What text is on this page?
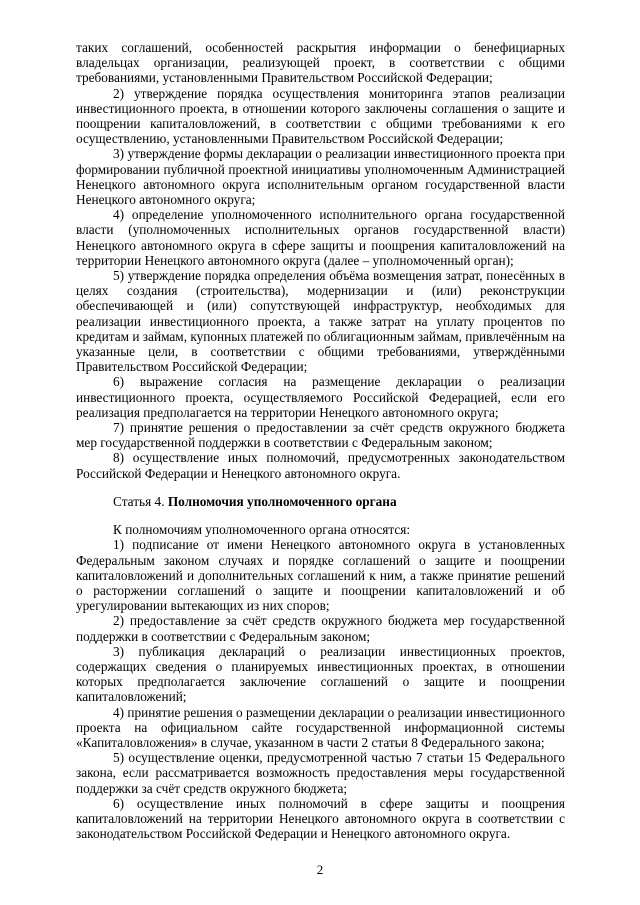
таких соглашений, особенностей раскрытия информации о бенефициарных владельцах организации, реализующей проект, в соответствии с общими требованиями, установленными Правительством Российской Федерации;

2) утверждение порядка осуществления мониторинга этапов реализации инвестиционного проекта, в отношении которого заключены соглашения о защите и поощрении капиталовложений, в соответствии с общими требованиями к его осуществлению, установленными Правительством Российской Федерации;

3) утверждение формы декларации о реализации инвестиционного проекта при формировании публичной проектной инициативы уполномоченным Администрацией Ненецкого автономного округа исполнительным органом государственной власти Ненецкого автономного округа;

4) определение уполномоченного исполнительного органа государственной власти (уполномоченных исполнительных органов государственной власти) Ненецкого автономного округа в сфере защиты и поощрения капиталовложений на территории Ненецкого автономного округа (далее – уполномоченный орган);

5) утверждение порядка определения объёма возмещения затрат, понесённых в целях создания (строительства), модернизации и (или) реконструкции обеспечивающей и (или) сопутствующей инфраструктур, необходимых для реализации инвестиционного проекта, а также затрат на уплату процентов по кредитам и займам, купонных платежей по облигационным займам, привлечённым на указанные цели, в соответствии с общими требованиями, утверждёнными Правительством Российской Федерации;

6) выражение согласия на размещение декларации о реализации инвестиционного проекта, осуществляемого Российской Федерацией, если его реализация предполагается на территории Ненецкого автономного округа;

7) принятие решения о предоставлении за счёт средств окружного бюджета мер государственной поддержки в соответствии с Федеральным законом;

8) осуществление иных полномочий, предусмотренных законодательством Российской Федерации и Ненецкого автономного округа.

Статья 4. Полномочия уполномоченного органа

К полномочиям уполномоченного органа относятся:

1) подписание от имени Ненецкого автономного округа в установленных Федеральным законом случаях и порядке соглашений о защите и поощрении капиталовложений и дополнительных соглашений к ним, а также принятие решений о расторжении соглашений о защите и поощрении капиталовложений и об урегулировании вытекающих из них споров;

2) предоставление за счёт средств окружного бюджета мер государственной поддержки в соответствии с Федеральным законом;

3) публикация деклараций о реализации инвестиционных проектов, содержащих сведения о планируемых инвестиционных проектах, в отношении которых предполагается заключение соглашений о защите и поощрении капиталовложений;

4) принятие решения о размещении декларации о реализации инвестиционного проекта на официальном сайте государственной информационной системы «Капиталовложения» в случае, указанном в части 2 статьи 8 Федерального закона;

5) осуществление оценки, предусмотренной частью 7 статьи 15 Федерального закона, если рассматривается возможность предоставления меры государственной поддержки за счёт средств окружного бюджета;

6) осуществление иных полномочий в сфере защиты и поощрения капиталовложений на территории Ненецкого автономного округа в соответствии с законодательством Российской Федерации и Ненецкого автономного округа.

2
